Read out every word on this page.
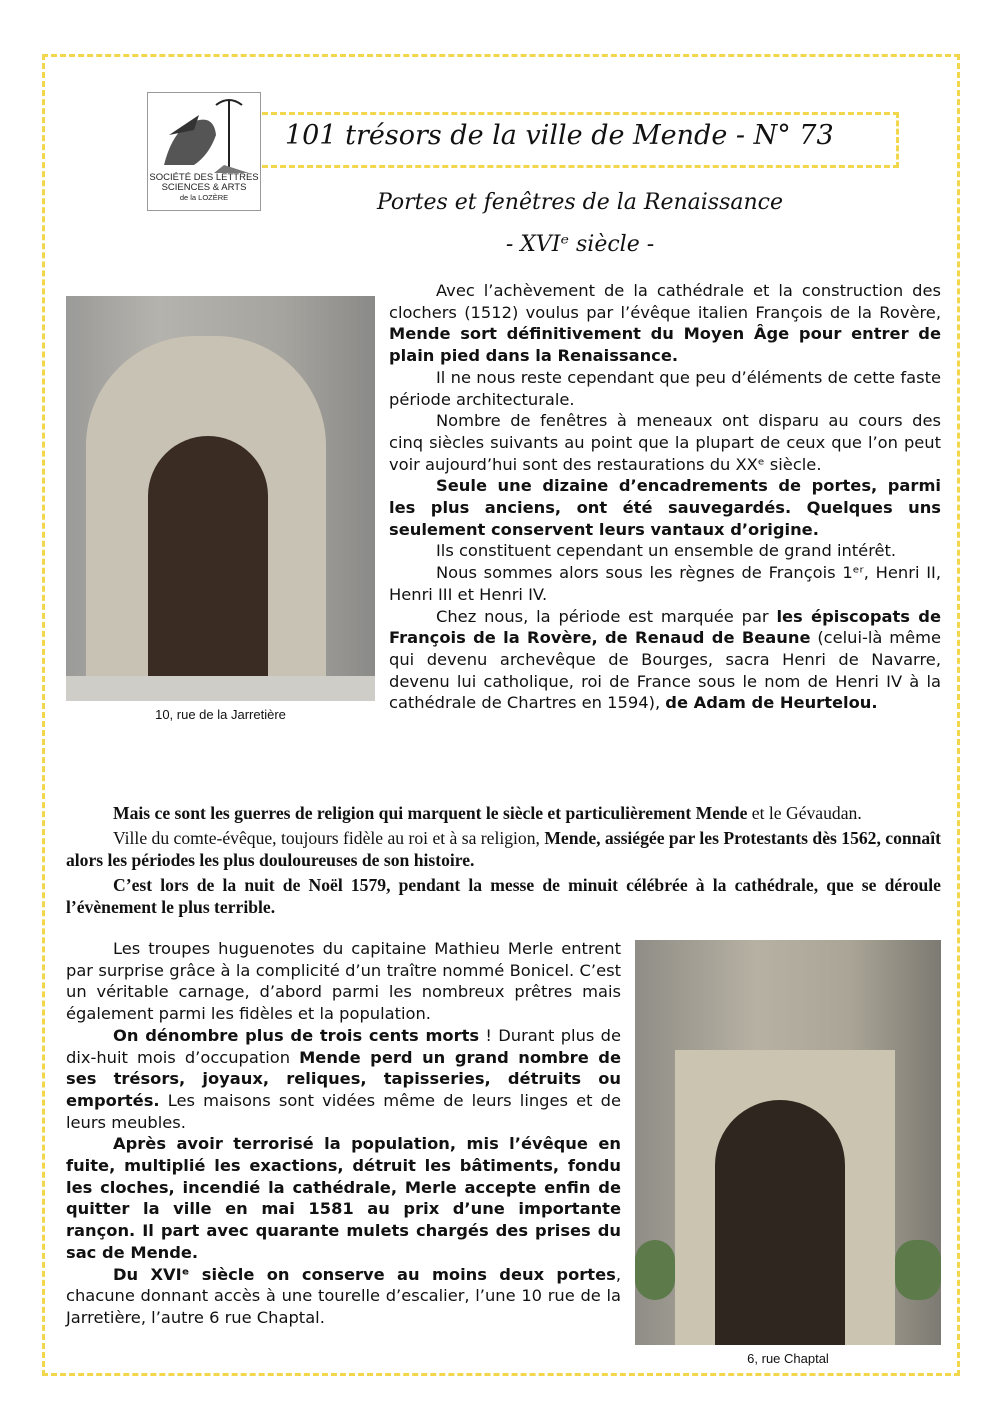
SOCIÉTÉ DES LETTRES
SCIENCES & ARTS
de la LOZÈRE
101 trésors de la ville de Mende - N° 73
Portes et fenêtres de la Renaissance
- XVIᵉ siècle -
10, rue de la Jarretière

Avec l’achèvement de la cathédrale et la construction des clochers (1512) voulus par l’évêque italien François de la Rovère, Mende sort définitivement du Moyen Âge pour entrer de plain pied dans la Renaissance.

Il ne nous reste cependant que peu d’éléments de cette faste période architecturale.

Nombre de fenêtres à meneaux ont disparu au cours des cinq siècles suivants au point que la plupart de ceux que l’on peut voir aujourd’hui sont des restaurations du XXᵉ siècle.

Seule une dizaine d’encadrements de portes, parmi les plus anciens, ont été sauvegardés. Quelques uns seulement conservent leurs vantaux d’origine.

Ils constituent cependant un ensemble de grand intérêt.

Nous sommes alors sous les règnes de François 1ᵉʳ, Henri II, Henri III et Henri IV.

Chez nous, la période est marquée par les épiscopats de François de la Rovère, de Renaud de Beaune (celui-là même qui devenu archevêque de Bourges, sacra Henri de Navarre, devenu lui catholique, roi de France sous le nom de Henri IV à la cathédrale de Chartres en 1594), de Adam de Heurtelou.

Mais ce sont les guerres de religion qui marquent le siècle et particulièrement Mende et le Gévaudan.

Ville du comte-évêque, toujours fidèle au roi et à sa religion, Mende, assiégée par les Protestants dès 1562, connaît alors les périodes les plus douloureuses de son histoire.

C’est lors de la nuit de Noël 1579, pendant la messe de minuit célébrée à la cathédrale, que se déroule l’évènement le plus terrible.

6, rue Chaptal

Les troupes huguenotes du capitaine Mathieu Merle entrent par surprise grâce à la complicité d’un traître nommé Bonicel. C’est un véritable carnage, d’abord parmi les nombreux prêtres mais également parmi les fidèles et la population.

On dénombre plus de trois cents morts ! Durant plus de dix-huit mois d’occupation Mende perd un grand nombre de ses trésors, joyaux, reliques, tapisseries, détruits ou emportés. Les maisons sont vidées même de leurs linges et de leurs meubles.

Après avoir terrorisé la population, mis l’évêque en fuite, multiplié les exactions, détruit les bâtiments, fondu les cloches, incendié la cathédrale, Merle accepte enfin de quitter la ville en mai 1581 au prix d’une importante rançon. Il part avec quarante mulets chargés des prises du sac de Mende.

Du XVIᵉ siècle on conserve au moins deux portes, chacune donnant accès à une tourelle d’escalier, l’une 10 rue de la Jarretière, l’autre 6 rue Chaptal.
